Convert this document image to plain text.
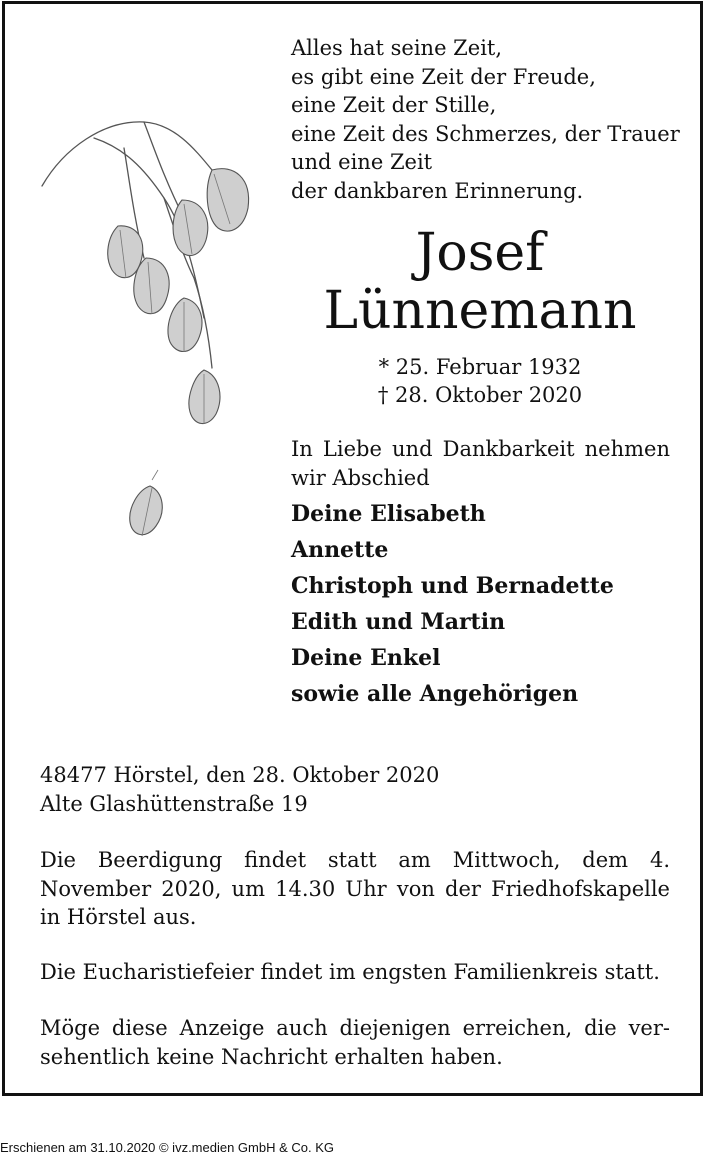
Alles hat seine Zeit,
es gibt eine Zeit der Freude,
eine Zeit der Stille,
eine Zeit des Schmerzes, der Trauer
und eine Zeit
der dankbaren Erinnerung.
Josef
Lünnemann
* 25. Februar 1932
† 28. Oktober 2020
In Liebe und Dankbarkeit nehmen wir Abschied
Deine Elisabeth
Annette
Christoph und Bernadette
Edith und Martin
Deine Enkel
sowie alle Angehörigen
48477 Hörstel, den 28. Oktober 2020
Alte Glashüttenstraße 19
Die Beerdigung findet statt am Mittwoch, dem 4. November 2020, um 14.30 Uhr von der Friedhofskapelle in Hörstel aus.
Die Eucharistiefeier findet im engsten Familienkreis statt.
Möge diese Anzeige auch diejenigen erreichen, die ver-
sehentlich keine Nachricht erhalten haben.
Erschienen am 31.10.2020 © ivz.medien GmbH & Co. KG
